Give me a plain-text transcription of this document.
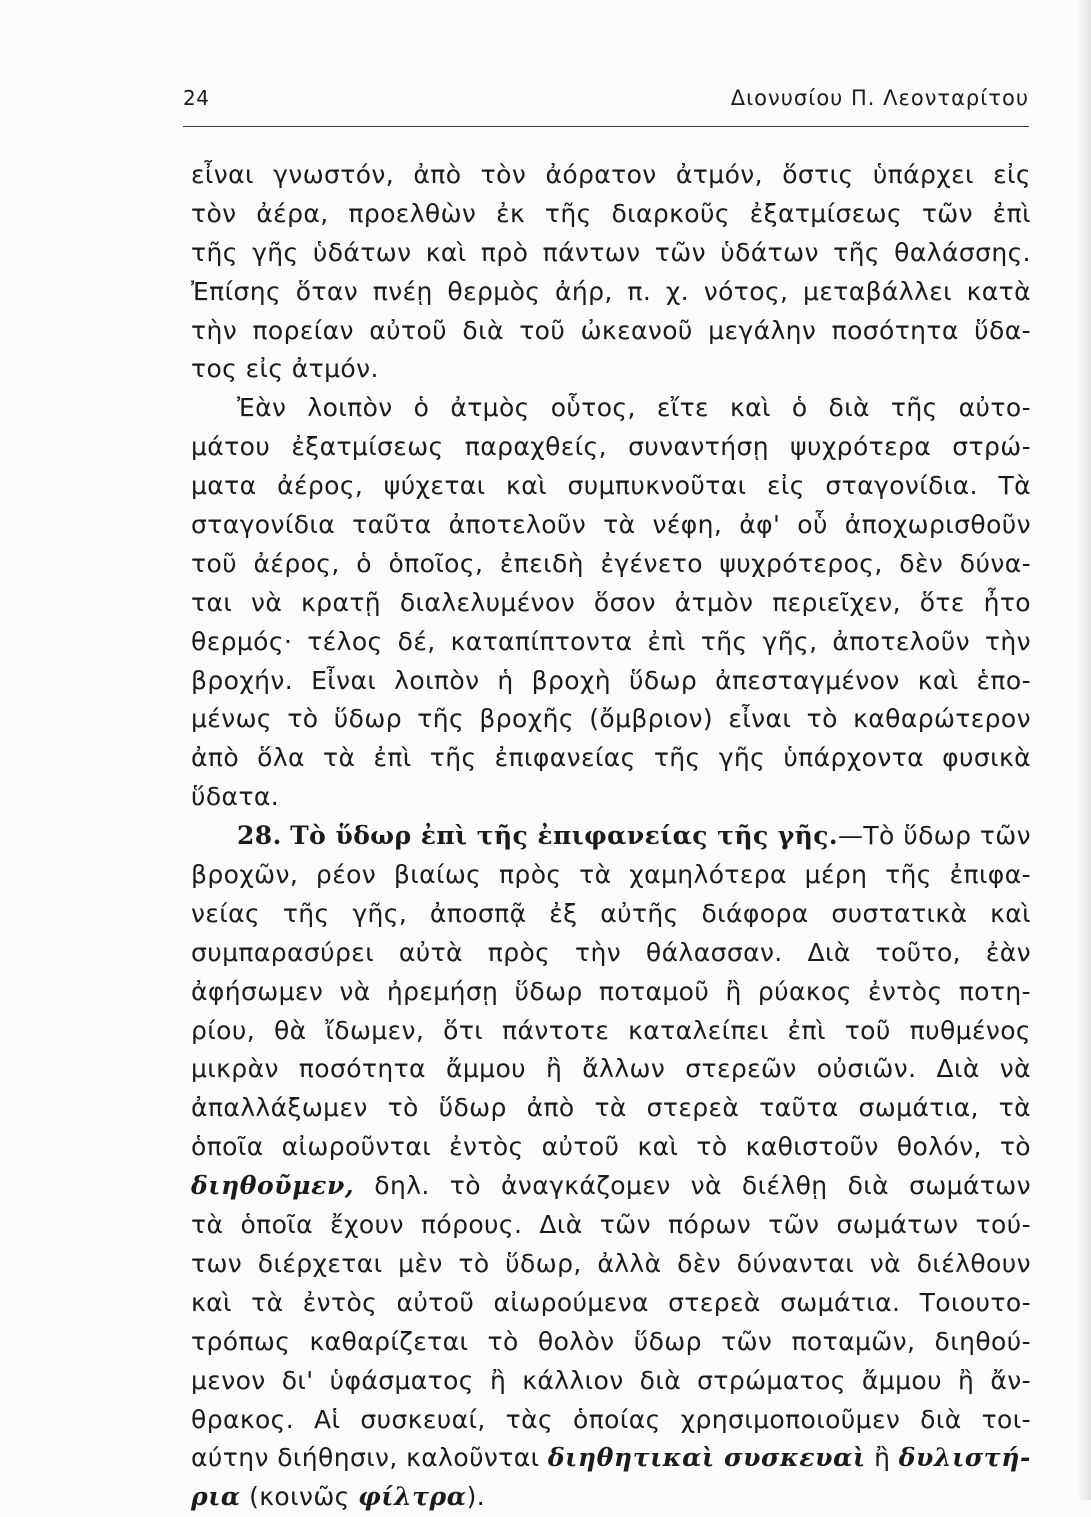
24	Διονυσίου Π. Λεονταρίτου
εἶναι γνωστόν, ἀπὸ τὸν ἀόρατον ἀτμόν, ὅστις ὑπάρχει εἰς
τὸν ἀέρα, προελθὼν ἐκ τῆς διαρκοῦς ἐξατμίσεως τῶν ἐπὶ
τῆς γῆς ὑδάτων καὶ πρὸ πάντων τῶν ὑδάτων τῆς θαλάσσης.
Ἐπίσης ὅταν πνέῃ θερμὸς ἀήρ, π. χ. νότος, μεταβάλλει κατὰ
τὴν πορείαν αὐτοῦ διὰ τοῦ ὠκεανοῦ μεγάλην ποσότητα ὕδα-
τος εἰς ἀτμόν.
Ἐὰν λοιπὸν ὁ ἀτμὸς οὗτος, εἴτε καὶ ὁ διὰ τῆς αὐτο-
μάτου ἐξατμίσεως παραχθείς, συναντήσῃ ψυχρότερα στρώ-
ματα ἀέρος, ψύχεται καὶ συμπυκνοῦται εἰς σταγονίδια. Τὰ
σταγονίδια ταῦτα ἀποτελοῦν τὰ νέφη, ἀφ' οὗ ἀποχωρισθοῦν
τοῦ ἀέρος, ὁ ὁποῖος, ἐπειδὴ ἐγένετο ψυχρότερος, δὲν δύνα-
ται νὰ κρατῇ διαλελυμένον ὅσον ἀτμὸν περιεῖχεν, ὅτε ἦτο
θερμός· τέλος δέ, καταπίπτοντα ἐπὶ τῆς γῆς, ἀποτελοῦν τὴν
βροχήν. Εἶναι λοιπὸν ἡ βροχὴ ὕδωρ ἀπεσταγμένον καὶ ἑπο-
μένως τὸ ὕδωρ τῆς βροχῆς (ὄμβριον) εἶναι τὸ καθαρώτερον
ἀπὸ ὅλα τὰ ἐπὶ τῆς ἐπιφανείας τῆς γῆς ὑπάρχοντα φυσικὰ
ὕδατα.
28. Τὸ ὕδωρ ἐπὶ τῆς ἐπιφανείας τῆς γῆς.—Τὸ ὕδωρ τῶν
βροχῶν, ρέον βιαίως πρὸς τὰ χαμηλότερα μέρη τῆς ἐπιφα-
νείας τῆς γῆς, ἀποσπᾷ ἐξ αὐτῆς διάφορα συστατικὰ καὶ
συμπαρασύρει αὐτὰ πρὸς τὴν θάλασσαν. Διὰ τοῦτο, ἐὰν
ἀφήσωμεν νὰ ἠρεμήσῃ ὕδωρ ποταμοῦ ἢ ρύακος ἐντὸς ποτη-
ρίου, θὰ ἴδωμεν, ὅτι πάντοτε καταλείπει ἐπὶ τοῦ πυθμένος
μικρὰν ποσότητα ἄμμου ἢ ἄλλων στερεῶν οὐσιῶν. Διὰ νὰ
ἀπαλλάξωμεν τὸ ὕδωρ ἀπὸ τὰ στερεὰ ταῦτα σωμάτια, τὰ
ὁποῖα αἰωροῦνται ἐντὸς αὐτοῦ καὶ τὸ καθιστοῦν θολόν, τὸ
διηθοῦμεν, δηλ. τὸ ἀναγκάζομεν νὰ διέλθῃ διὰ σωμάτων
τὰ ὁποῖα ἔχουν πόρους. Διὰ τῶν πόρων τῶν σωμάτων τού-
των διέρχεται μὲν τὸ ὕδωρ, ἀλλὰ δὲν δύνανται νὰ διέλθουν
καὶ τὰ ἐντὸς αὐτοῦ αἰωρούμενα στερεὰ σωμάτια. Τοιουτο-
τρόπως καθαρίζεται τὸ θολὸν ὕδωρ τῶν ποταμῶν, διηθού-
μενον δι' ὑφάσματος ἢ κάλλιον διὰ στρώματος ἄμμου ἢ ἄν-
θρακος. Αἱ συσκευαί, τὰς ὁποίας χρησιμοποιοῦμεν διὰ τοι-
αύτην διήθησιν, καλοῦνται διηθητικαὶ συσκευαὶ ἢ δυλιστή-
ρια (κοινῶς φίλτρα).
